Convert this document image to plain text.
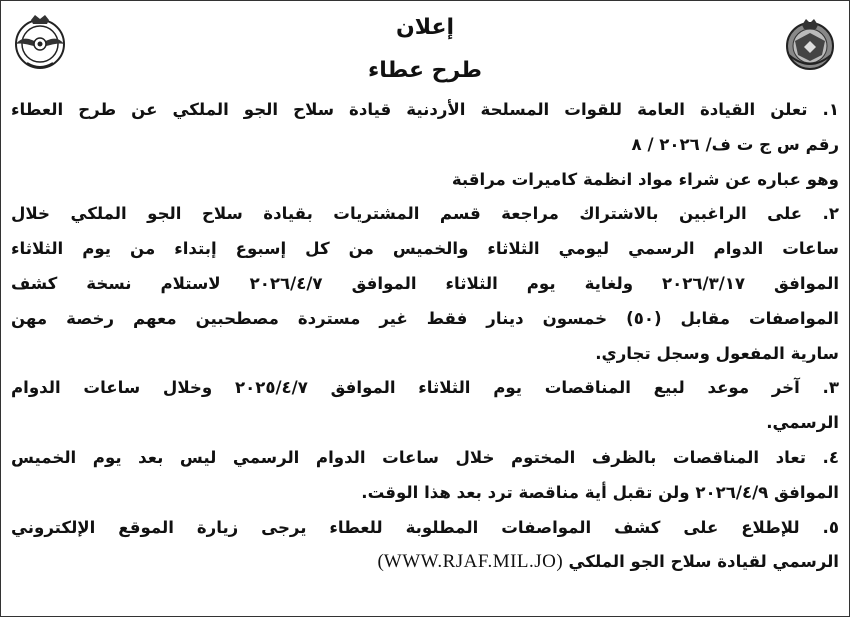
إعلان
طرح عطاء
١. تعلن القيادة العامة للقوات المسلحة الأردنية قيادة سلاح الجو الملكي عن طرح العطاء
رقم س ج ت ف/ ٢٠٢٦ / ٨
وهو عباره عن شراء مواد انظمة كاميرات مراقبة
٢. على الراغبين بالاشتراك مراجعة قسم المشتريات بقيادة سلاح الجو الملكي خلال
ساعات الدوام الرسمي ليومي الثلاثاء والخميس من كل إسبوع إبتداء من يوم الثلاثاء
الموافق ٢٠٢٦/٣/١٧ ولغاية يوم الثلاثاء الموافق ٢٠٢٦/٤/٧ لاستلام نسخة كشف
المواصفات مقابل (٥٠) خمسون دينار فقط غير مستردة مصطحبين معهم رخصة مهن
سارية المفعول وسجل تجاري.
٣. آخر موعد لبيع المناقصات يوم الثلاثاء الموافق ٢٠٢٥/٤/٧ وخلال ساعات الدوام
الرسمي.
٤. تعاد المناقصات بالظرف المختوم خلال ساعات الدوام الرسمي ليس بعد يوم الخميس
الموافق ٢٠٢٦/٤/٩ ولن تقبل أية مناقصة ترد بعد هذا الوقت.
٥. للإطلاع على كشف المواصفات المطلوبة للعطاء يرجى زيارة الموقع الإلكتروني
الرسمي لقيادة سلاح الجو الملكي (WWW.RJAF.MIL.JO)
